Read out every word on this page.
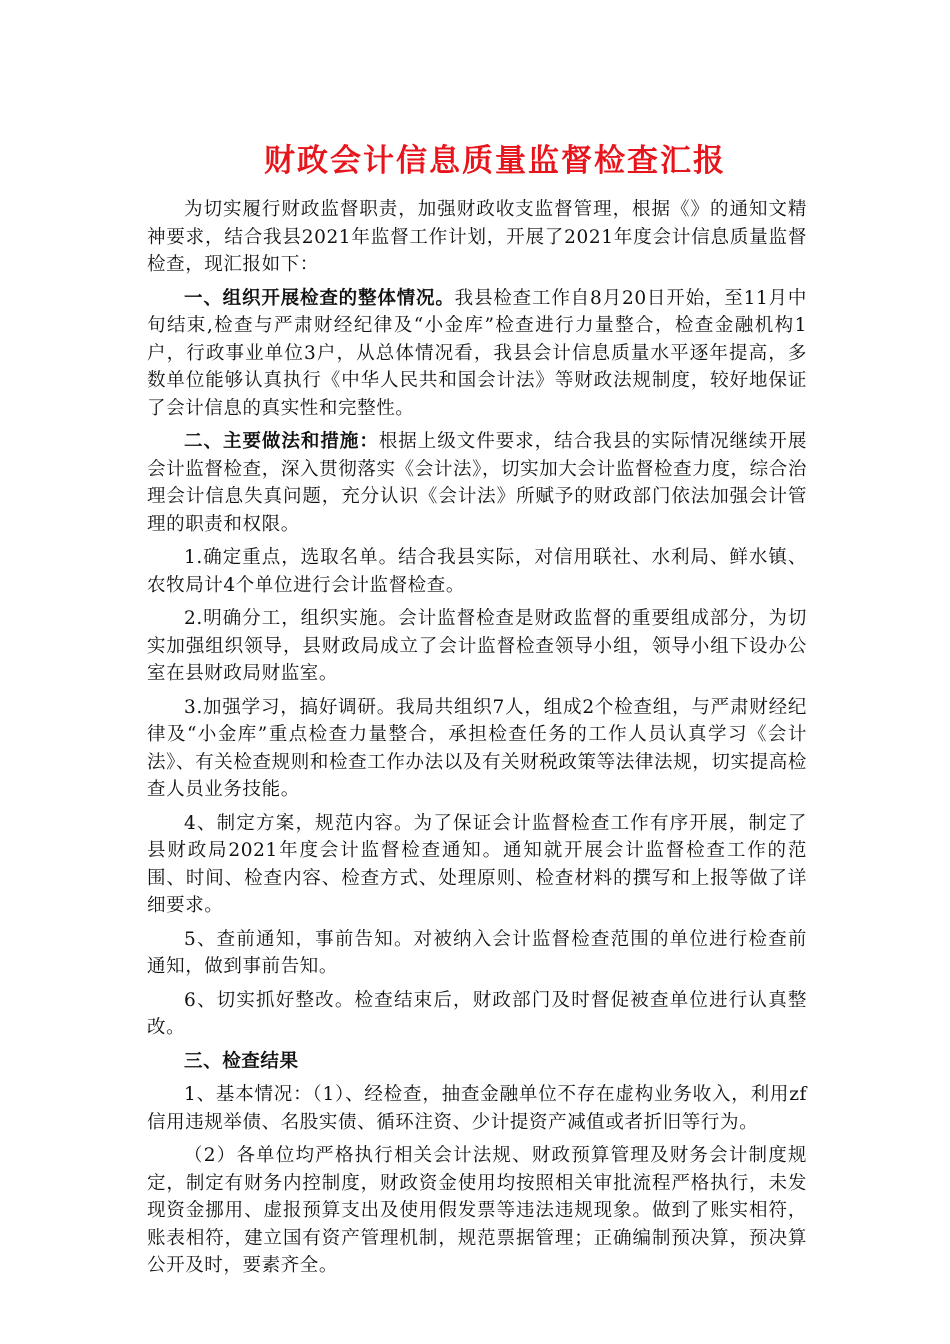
财政会计信息质量监督检查汇报

为切实履行财政监督职责，加强财政收支监督管理，根据《》的通知文精神要求，结合我县2021年监督工作计划，开展了2021年度会计信息质量监督检查，现汇报如下：

一、组织开展检查的整体情况。我县检查工作自8月20日开始，至11月中旬结束,检查与严肃财经纪律及“小金库”检查进行力量整合，检查金融机构1户，行政事业单位3户，从总体情况看，我县会计信息质量水平逐年提高，多数单位能够认真执行《中华人民共和国会计法》等财政法规制度，较好地保证了会计信息的真实性和完整性。

二、主要做法和措施：根据上级文件要求，结合我县的实际情况继续开展会计监督检查，深入贯彻落实《会计法》，切实加大会计监督检查力度，综合治理会计信息失真问题，充分认识《会计法》所赋予的财政部门依法加强会计管理的职责和权限。

1.确定重点，选取名单。结合我县实际，对信用联社、水利局、鲜水镇、农牧局计4个单位进行会计监督检查。

2.明确分工，组织实施。会计监督检查是财政监督的重要组成部分，为切实加强组织领导，县财政局成立了会计监督检查领导小组，领导小组下设办公室在县财政局财监室。

3.加强学习，搞好调研。我局共组织7人，组成2个检查组，与严肃财经纪律及“小金库”重点检查力量整合，承担检查任务的工作人员认真学习《会计法》、有关检查规则和检查工作办法以及有关财税政策等法律法规，切实提高检查人员业务技能。

4、制定方案，规范内容。为了保证会计监督检查工作有序开展，制定了县财政局2021年度会计监督检查通知。通知就开展会计监督检查工作的范围、时间、检查内容、检查方式、处理原则、检查材料的撰写和上报等做了详细要求。

5、查前通知，事前告知。对被纳入会计监督检查范围的单位进行检查前通知，做到事前告知。

6、切实抓好整改。检查结束后，财政部门及时督促被查单位进行认真整改。

三、检查结果

1、基本情况：（1）、经检查，抽查金融单位不存在虚构业务收入，利用zf信用违规举债、名股实债、循环注资、少计提资产减值或者折旧等行为。

（2）各单位均严格执行相关会计法规、财政预算管理及财务会计制度规定，制定有财务内控制度，财政资金使用均按照相关审批流程严格执行，未发现资金挪用、虚报预算支出及使用假发票等违法违规现象。做到了账实相符，账表相符，建立国有资产管理机制，规范票据管理；正确编制预决算，预决算公开及时，要素齐全。
